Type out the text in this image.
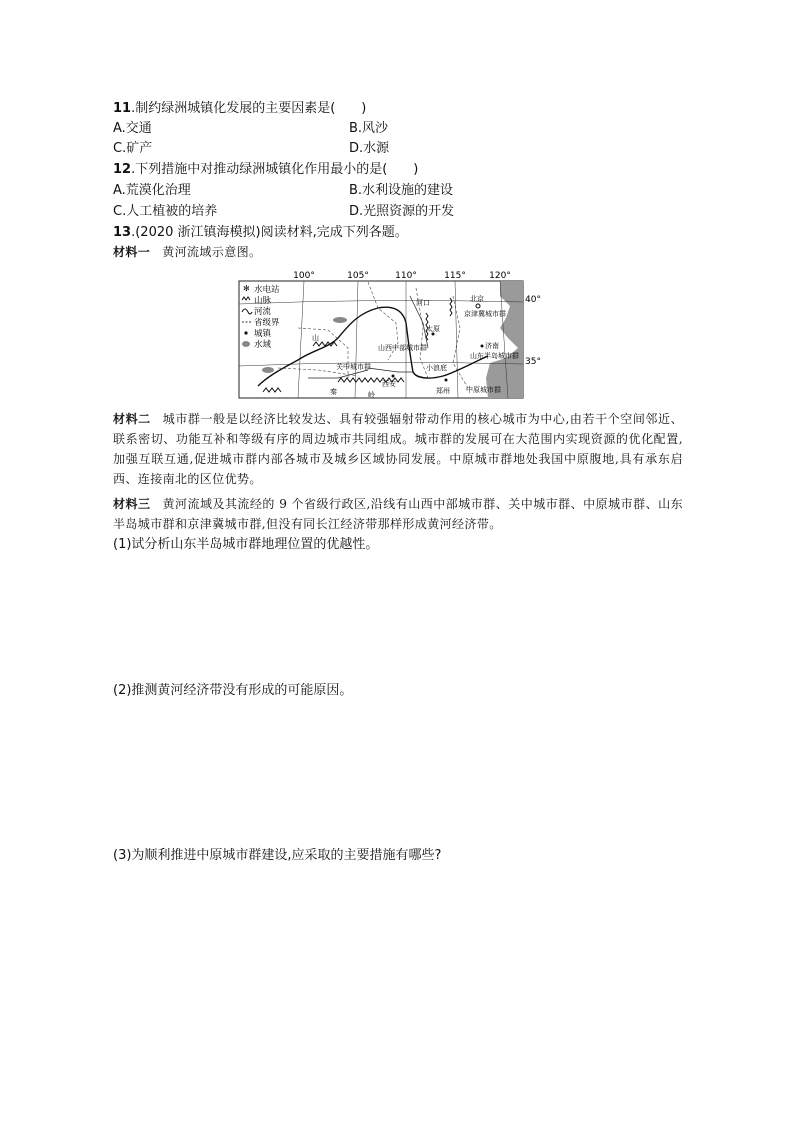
11.制约绿洲城镇化发展的主要因素是(　　)
A.交通	B.风沙
C.矿产	D.水源
12.下列措施中对推动绿洲城镇化作用最小的是(　　)
A.荒漠化治理	B.水利设施的建设
C.人工植被的培养	D.光照资源的开发
13.(2020 浙江镇海模拟)阅读材料,完成下列各题。
材料一 黄河流域示意图。
100°	105°	110°	115°	120°
40°
35°
✻ 水电站
山脉
河流
省级界
城镇
水域
北京
京津冀城市群
河口
太原
山西中部城市群	济南
山东半岛城市群
关中城市群
西安
小浪底
郑州 中原城市群
山
秦	岭
材料二 城市群一般是以经济比较发达、具有较强辐射带动作用的核心城市为中心,由若干个空间邻近、联系密切、功能互补和等级有序的周边城市共同组成。城市群的发展可在大范围内实现资源的优化配置,加强互联互通,促进城市群内部各城市及城乡区域协同发展。中原城市群地处我国中原腹地,具有承东启西、连接南北的区位优势。
材料三 黄河流域及其流经的 9 个省级行政区,沿线有山西中部城市群、关中城市群、中原城市群、山东半岛城市群和京津冀城市群,但没有同长江经济带那样形成黄河经济带。
(1)试分析山东半岛城市群地理位置的优越性。
(2)推测黄河经济带没有形成的可能原因。
(3)为顺利推进中原城市群建设,应采取的主要措施有哪些?
